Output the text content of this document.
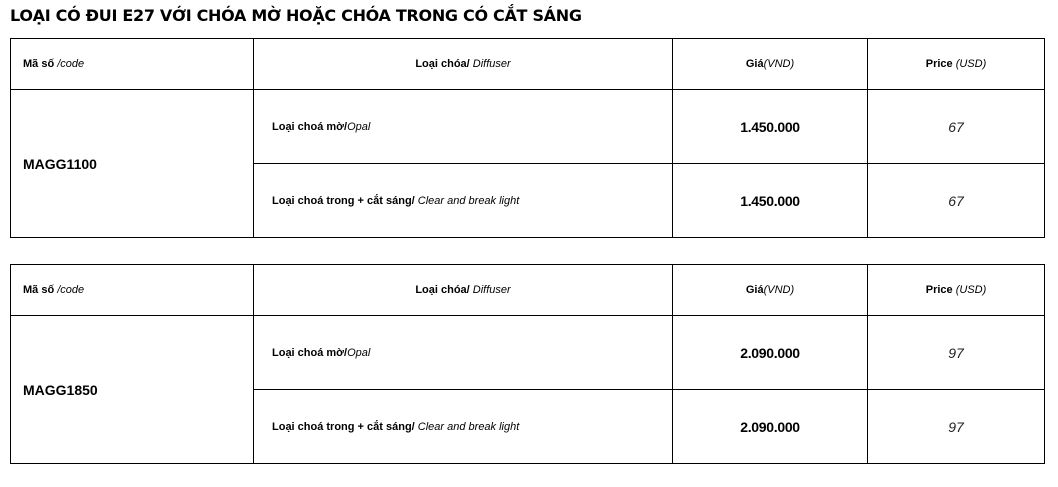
LOẠI CÓ ĐUI E27 VỚI CHÓA MỜ HOẶC CHÓA TRONG CÓ CẮT SÁNG
Mã số /code	Loại chóa/ Diffuser	Giá(VND)	Price (USD)
MAGG1100	Loại choá mờ/Opal	1.450.000	67
	Loại choá trong + cắt sáng/ Clear and break light	1.450.000	67
Mã số /code	Loại chóa/ Diffuser	Giá(VND)	Price (USD)
MAGG1850	Loại choá mờ/Opal	2.090.000	97
	Loại choá trong + cắt sáng/ Clear and break light	2.090.000	97
